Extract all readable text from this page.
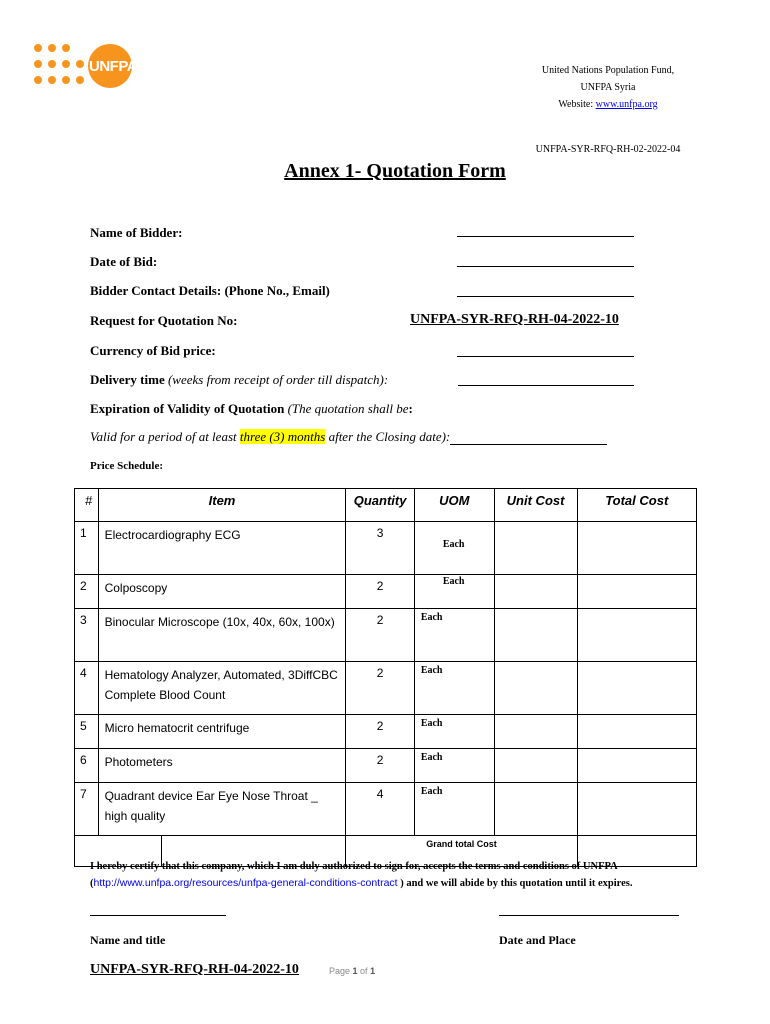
UNFPA	United Nations Population Fund,
UNFPA Syria
Website: www.unfpa.org
UNFPA-SYR-RFQ-RH-02-2022-04
Annex 1- Quotation Form
Name of Bidder:
Date of Bid:
Bidder Contact Details: (Phone No., Email)
Request for Quotation No:	UNFPA-SYR-RFQ-RH-04-2022-10
Currency of Bid price:
Delivery time (weeks from receipt of order till dispatch):
Expiration of Validity of Quotation (The quotation shall be:
Valid for a period of at least three (3) months after the Closing date):
Price Schedule:
#	Item	Quantity	UOM	Unit Cost	Total Cost
1	Electrocardiography ECG	3	Each		

2	Colposcopy	2	Each		

3	Binocular Microscope (10x, 40x, 60x, 100x)	2	Each		

4	Hematology Analyzer, Automated, 3DiffCBC Complete Blood Count	2	Each		

5	Micro hematocrit centrifuge	2	Each		

6	Photometers	2	Each		

7	Quadrant device Ear Eye Nose Throat _ high quality	4	Each		

		Grand total Cost			
I hereby certify that this company, which I am duly authorized to sign for, accepts the terms and conditions of UNFPA (http://www.unfpa.org/resources/unfpa-general-conditions-contract ) and we will abide by this quotation until it expires.
Name and title	Date and Place
UNFPA-SYR-RFQ-RH-04-2022-10	Page 1 of 1
